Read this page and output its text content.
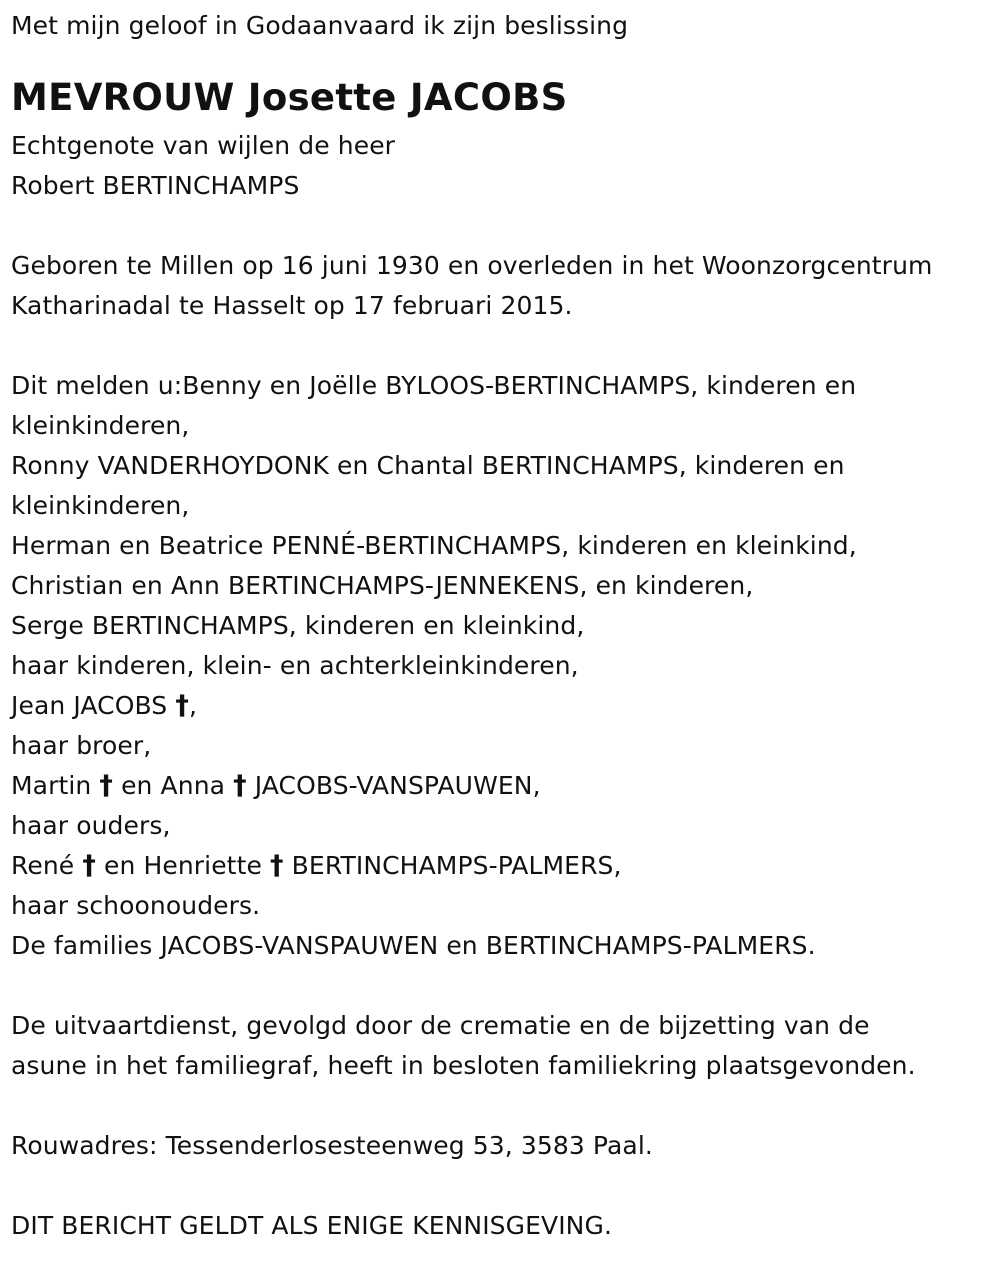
Met mijn geloof in Godaanvaard ik zijn beslissing
MEVROUW Josette JACOBS
Echtgenote van wijlen de heer
Robert BERTINCHAMPS
Geboren te Millen op 16 juni 1930 en overleden in het Woonzorgcentrum
Katharinadal te Hasselt op 17 februari 2015.
Dit melden u:Benny en Joëlle BYLOOS-BERTINCHAMPS, kinderen en
kleinkinderen,
Ronny VANDERHOYDONK en Chantal BERTINCHAMPS, kinderen en
kleinkinderen,
Herman en Beatrice PENNÉ-BERTINCHAMPS, kinderen en kleinkind,
Christian en Ann BERTINCHAMPS-JENNEKENS, en kinderen,
Serge BERTINCHAMPS, kinderen en kleinkind,
haar kinderen, klein- en achterkleinkinderen,
Jean JACOBS †,
haar broer,
Martin † en Anna † JACOBS-VANSPAUWEN,
haar ouders,
René † en Henriette † BERTINCHAMPS-PALMERS,
haar schoonouders.
De families JACOBS-VANSPAUWEN en BERTINCHAMPS-PALMERS.
De uitvaartdienst, gevolgd door de crematie en de bijzetting van de
asune in het familiegraf, heeft in besloten familiekring plaatsgevonden.
Rouwadres: Tessenderlosesteenweg 53, 3583 Paal.
DIT BERICHT GELDT ALS ENIGE KENNISGEVING.
